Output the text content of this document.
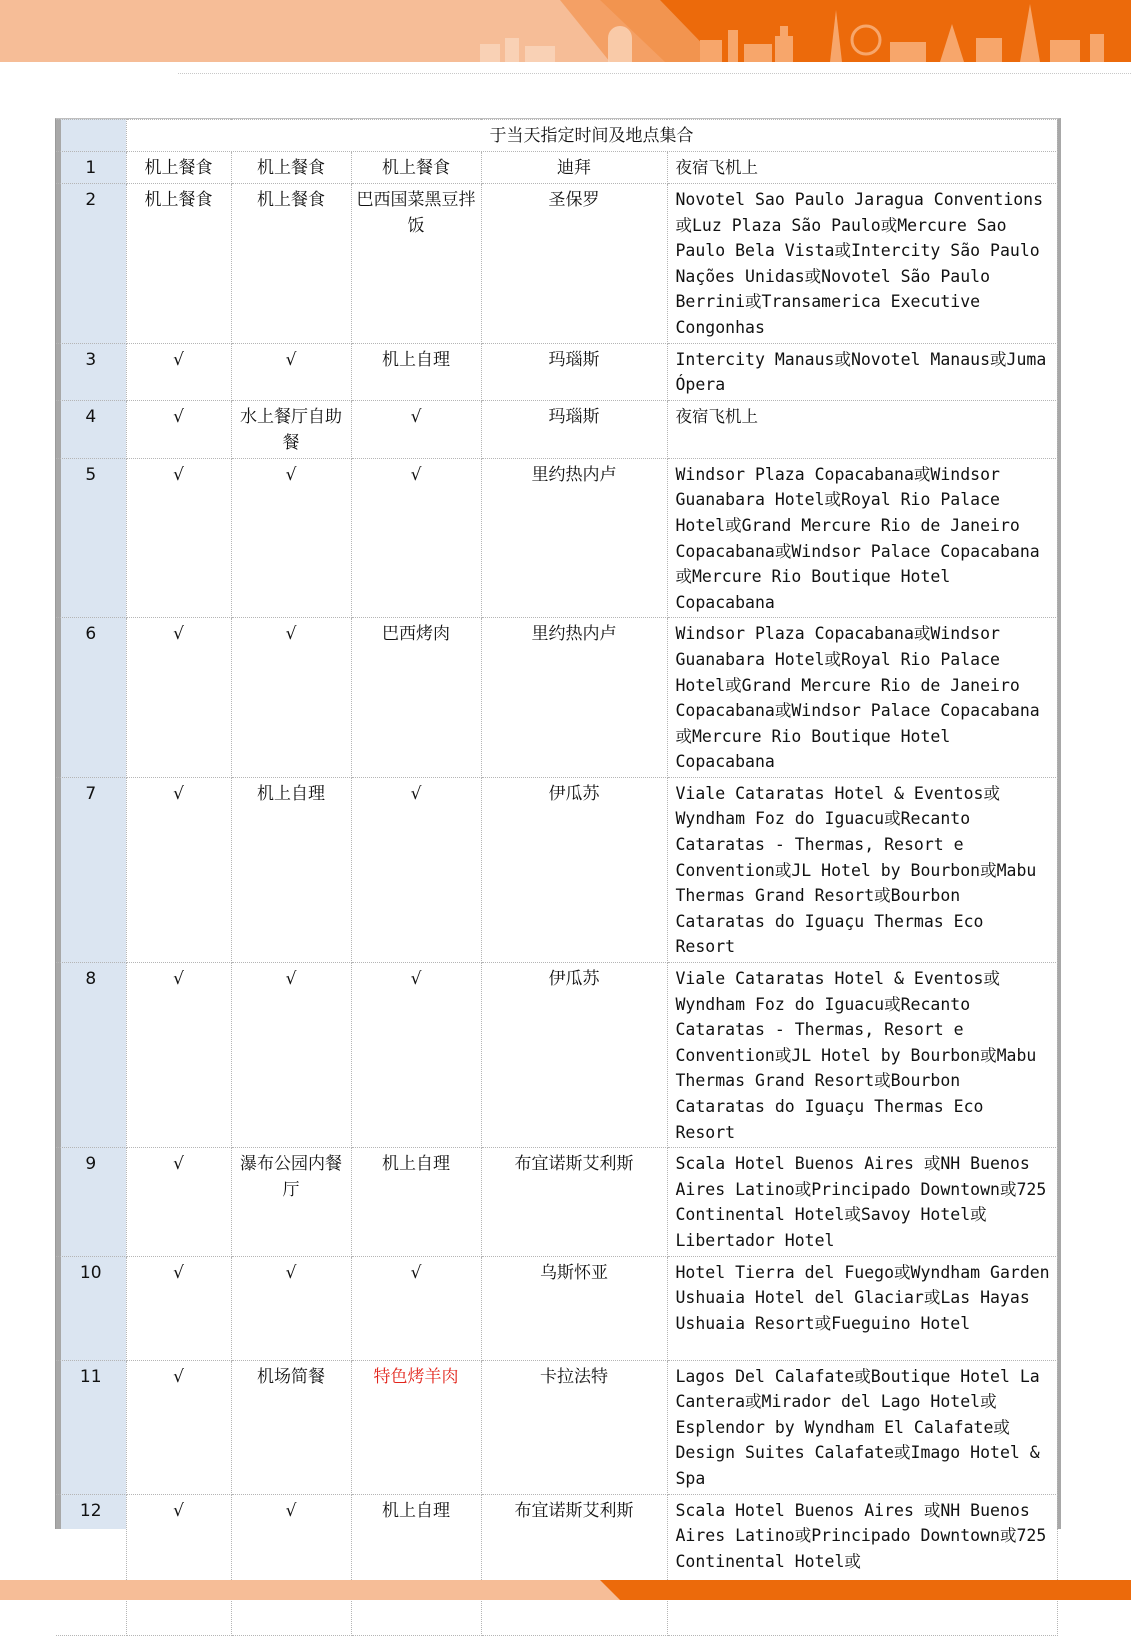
	于当天指定时间及地点集合				
1	机上餐食	机上餐食	机上餐食	迪拜	夜宿飞机上
2	机上餐食	机上餐食	巴西国菜黑豆拌饭	圣保罗	Novotel Sao Paulo Jaragua Conventions或Luz Plaza São Paulo或Mercure Sao Paulo Bela Vista或Intercity São Paulo Nações Unidas或Novotel São Paulo Berrini或Transamerica Executive Congonhas
3	√	√	机上自理	玛瑙斯	Intercity Manaus或Novotel Manaus或Juma Ópera
4	√	水上餐厅自助餐	√	玛瑙斯	夜宿飞机上
5	√	√	√	里约热内卢	Windsor Plaza Copacabana或Windsor Guanabara Hotel或Royal Rio Palace Hotel或Grand Mercure Rio de Janeiro Copacabana或Windsor Palace Copacabana或Mercure Rio Boutique Hotel Copacabana
6	√	√	巴西烤肉	里约热内卢	Windsor Plaza Copacabana或Windsor Guanabara Hotel或Royal Rio Palace Hotel或Grand Mercure Rio de Janeiro Copacabana或Windsor Palace Copacabana或Mercure Rio Boutique Hotel Copacabana
7	√	机上自理	√	伊瓜苏	Viale Cataratas Hotel & Eventos或Wyndham Foz do Iguacu或Recanto Cataratas - Thermas, Resort e Convention或JL Hotel by Bourbon或Mabu Thermas Grand Resort或Bourbon Cataratas do Iguaçu Thermas Eco Resort
8	√	√	√	伊瓜苏	Viale Cataratas Hotel & Eventos或Wyndham Foz do Iguacu或Recanto Cataratas - Thermas, Resort e Convention或JL Hotel by Bourbon或Mabu Thermas Grand Resort或Bourbon Cataratas do Iguaçu Thermas Eco Resort
9	√	瀑布公园内餐厅	机上自理	布宜诺斯艾利斯	Scala Hotel Buenos Aires 或NH Buenos Aires Latino或Principado Downtown或725 Continental Hotel或Savoy Hotel或Libertador Hotel
10	√	√	√	乌斯怀亚	Hotel Tierra del Fuego或Wyndham Garden Ushuaia Hotel del Glaciar或Las Hayas Ushuaia Resort或Fueguino Hotel
11	√	机场简餐	特色烤羊肉	卡拉法特	Lagos Del Calafate或Boutique Hotel La Cantera或Mirador del Lago Hotel或Esplendor by Wyndham El Calafate或Design Suites Calafate或Imago Hotel & Spa
12	√	√	机上自理	布宜诺斯艾利斯	Scala Hotel Buenos Aires 或NH Buenos Aires Latino或Principado Downtown或725 Continental Hotel或
